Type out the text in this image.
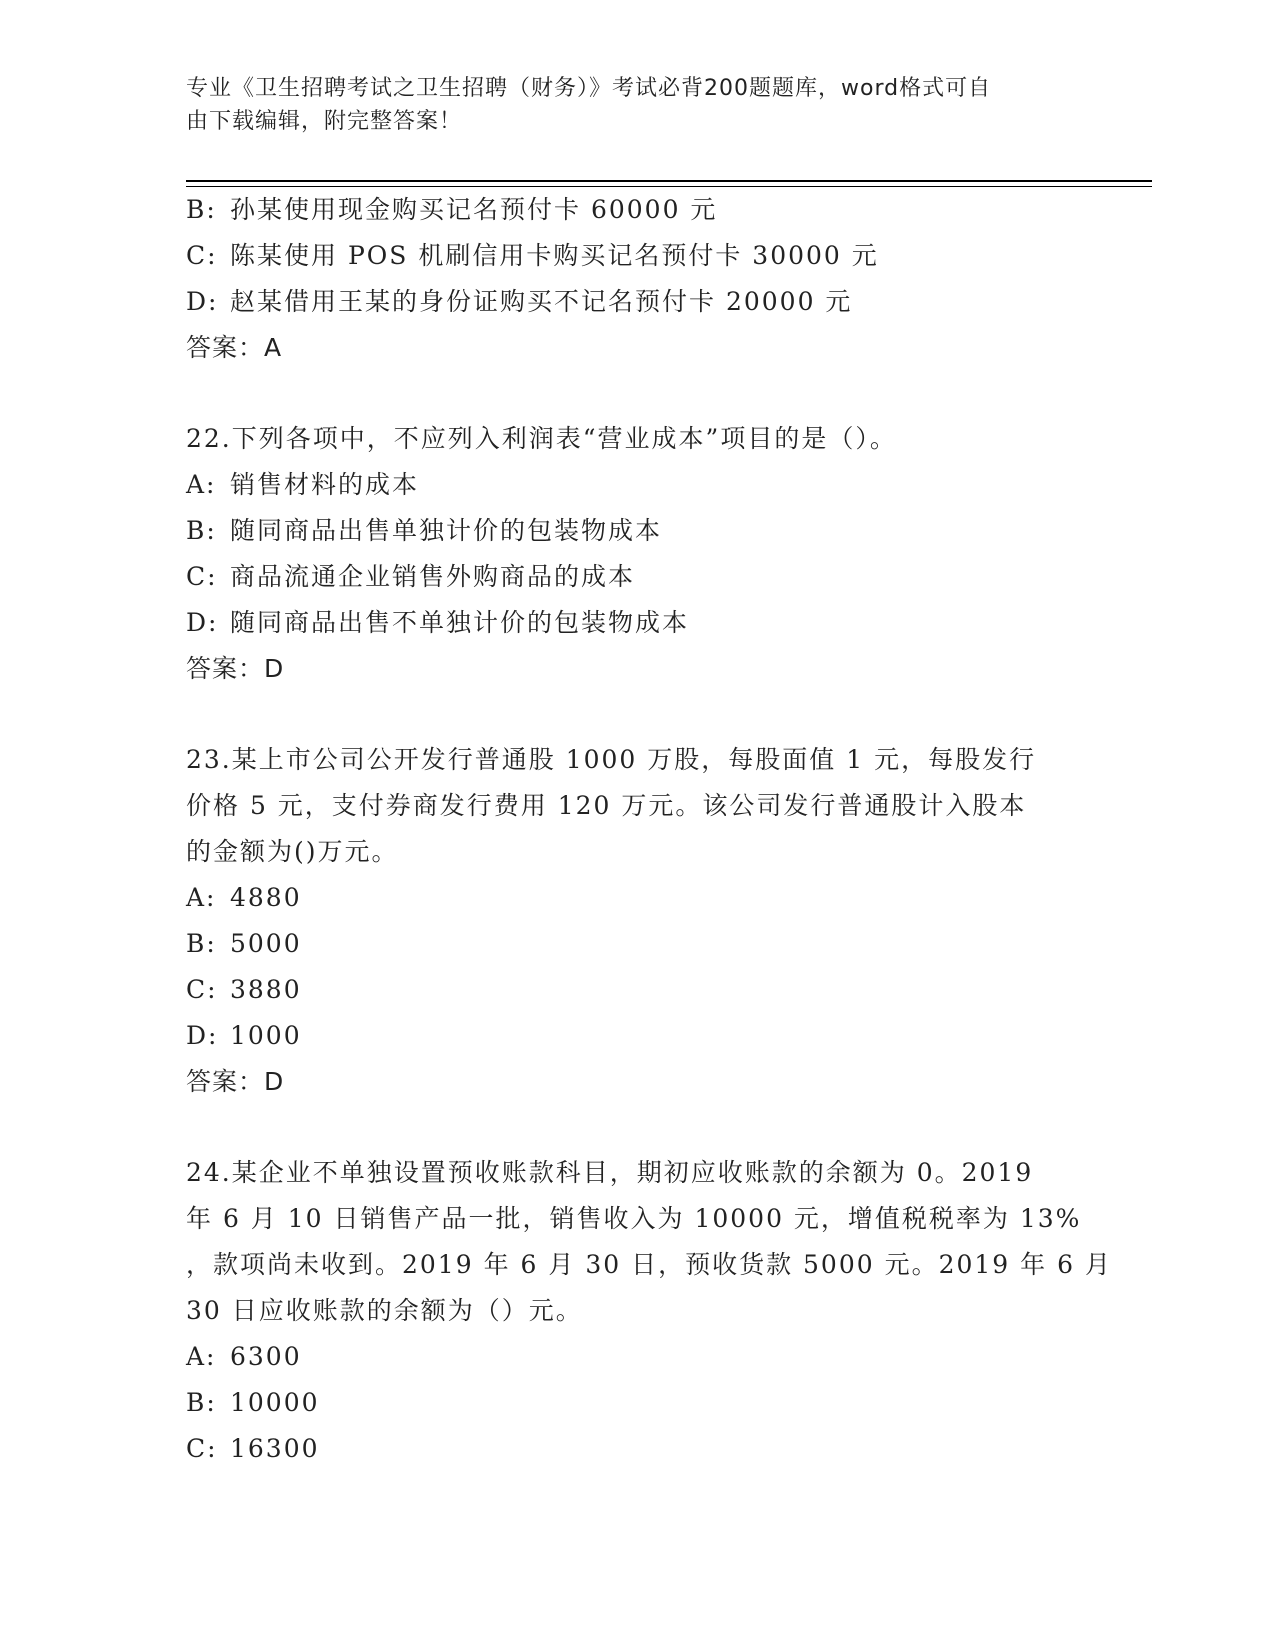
专业《卫生招聘考试之卫生招聘（财务）》考试必背200题题库，word格式可自
由下载编辑，附完整答案！
B: 孙某使用现金购买记名预付卡 60000 元
C: 陈某使用 POS 机刷信用卡购买记名预付卡 30000 元
D: 赵某借用王某的身份证购买不记名预付卡 20000 元
答案：A
22.下列各项中，不应列入利润表“营业成本”项目的是（）。
A: 销售材料的成本
B: 随同商品出售单独计价的包装物成本
C: 商品流通企业销售外购商品的成本
D: 随同商品出售不单独计价的包装物成本
答案：D
23.某上市公司公开发行普通股 1000 万股，每股面值 1 元，每股发行
价格 5 元，支付券商发行费用 120 万元。该公司发行普通股计入股本
的金额为()万元。
A: 4880
B: 5000
C: 3880
D: 1000
答案：D
24.某企业不单独设置预收账款科目，期初应收账款的余额为 0。2019
年 6 月 10 日销售产品一批，销售收入为 10000 元，增值税税率为 13%
，款项尚未收到。2019 年 6 月 30 日，预收货款 5000 元。2019 年 6 月
30 日应收账款的余额为（）元。
A: 6300
B: 10000
C: 16300
